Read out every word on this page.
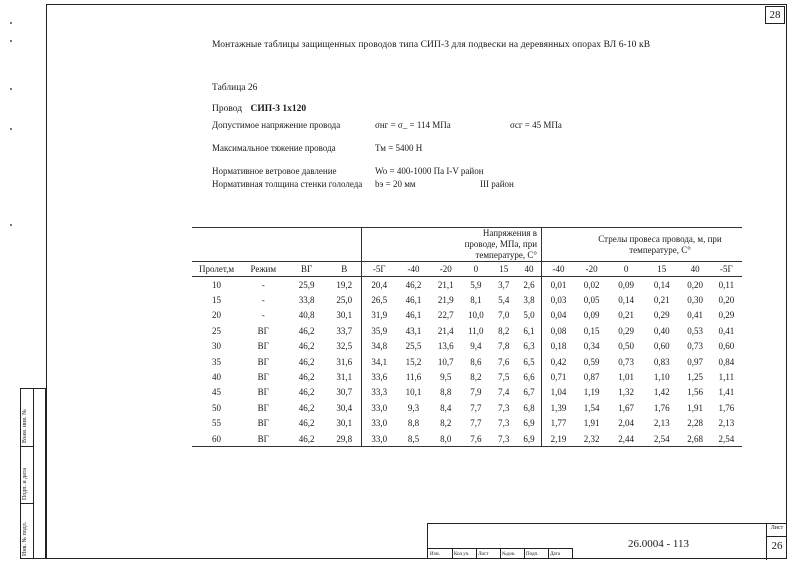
28
Монтажные таблицы защищенных проводов типа СИП-3 для подвески на деревянных опорах ВЛ 6-10 кВ
Таблица 26
Провод СИП-3 1х120
Допустимое напряжение провода	σнг = σ_ = 114 МПа	σсг = 45 МПа
Максимальное тяжение провода	Тм = 5400 Н
Нормативное ветровое давление	Wo = 400-1000 Па I-V район
Нормативная толщина стенки гололеда bэ = 20 мм	III район
				Напряжения в проводе, МПа, при температуре, С°						Стрелы провеса провода, м, при температуре, С°					
Пролет,м	Режим	ВГ	В	-5Г	-40	-20	0	15	40	-40	-20	0	15	40	-5Г
10	-	25,9	19,2	20,4	46,2	21,1	5,9	3,7	2,6	0,01	0,02	0,09	0,14	0,20	0,11
15	-	33,8	25,0	26,5	46,1	21,9	8,1	5,4	3,8	0,03	0,05	0,14	0,21	0,30	0,20
20	-	40,8	30,1	31,9	46,1	22,7	10,0	7,0	5,0	0,04	0,09	0,21	0,29	0,41	0,29
25	ВГ	46,2	33,7	35,9	43,1	21,4	11,0	8,2	6,1	0,08	0,15	0,29	0,40	0,53	0,41
30	ВГ	46,2	32,5	34,8	25,5	13,6	9,4	7,8	6,3	0,18	0,34	0,50	0,60	0,73	0,60
35	ВГ	46,2	31,6	34,1	15,2	10,7	8,6	7,6	6,5	0,42	0,59	0,73	0,83	0,97	0,84
40	ВГ	46,2	31,1	33,6	11,6	9,5	8,2	7,5	6,6	0,71	0,87	1,01	1,10	1,25	1,11
45	ВГ	46,2	30,7	33,3	10,1	8,8	7,9	7,4	6,7	1,04	1,19	1,32	1,42	1,56	1,41
50	ВГ	46,2	30,4	33,0	9,3	8,4	7,7	7,3	6,8	1,39	1,54	1,67	1,76	1,91	1,76
55	ВГ	46,2	30,1	33,0	8,8	8,2	7,7	7,3	6,9	1,77	1,91	2,04	2,13	2,28	2,13
60	ВГ	46,2	29,8	33,0	8,5	8,0	7,6	7,3	6,9	2,19	2,32	2,44	2,54	2,68	2,54
Взам. инв. №
Подп. и дата
Инв. № подл.	Изм.	Кол.уч. Лист	№док. Подп. Дата
26.0004 - 113
Лист
26
